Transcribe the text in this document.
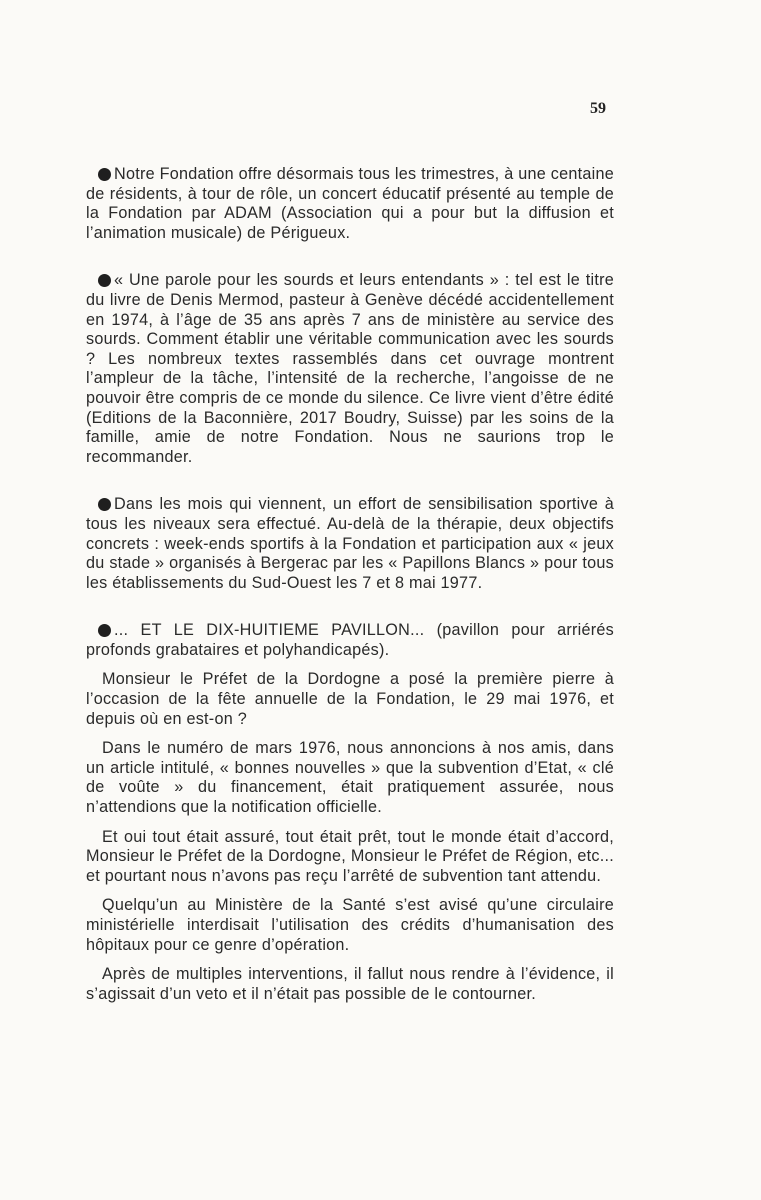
59

Notre Fondation offre désormais tous les trimestres, à une centaine de résidents, à tour de rôle, un concert éducatif présenté au temple de la Fondation par ADAM (Association qui a pour but la diffusion et l’animation musicale) de Périgueux.

« Une parole pour les sourds et leurs entendants » : tel est le titre du livre de Denis Mermod, pasteur à Genève décédé accidentellement en 1974, à l’âge de 35 ans après 7 ans de ministère au service des sourds. Comment établir une véritable communication avec les sourds ? Les nombreux textes rassemblés dans cet ouvrage montrent l’ampleur de la tâche, l’intensité de la recherche, l’angoisse de ne pouvoir être compris de ce monde du silence. Ce livre vient d’être édité (Editions de la Baconnière, 2017 Boudry, Suisse) par les soins de la famille, amie de notre Fondation. Nous ne saurions trop le recommander.

Dans les mois qui viennent, un effort de sensibilisation sportive à tous les niveaux sera effectué. Au-delà de la thérapie, deux objectifs concrets : week-ends sportifs à la Fondation et participation aux « jeux du stade » organisés à Bergerac par les « Papillons Blancs » pour tous les établissements du Sud-Ouest les 7 et 8 mai 1977.

... ET LE DIX-HUITIEME PAVILLON... (pavillon pour arriérés profonds grabataires et polyhandicapés).

Monsieur le Préfet de la Dordogne a posé la première pierre à l’occasion de la fête annuelle de la Fondation, le 29 mai 1976, et depuis où en est-on ?

Dans le numéro de mars 1976, nous annoncions à nos amis, dans un article intitulé, « bonnes nouvelles » que la subvention d’Etat, « clé de voûte » du financement, était pratiquement assurée, nous n’attendions que la notification officielle.

Et oui tout était assuré, tout était prêt, tout le monde était d’accord, Monsieur le Préfet de la Dordogne, Monsieur le Préfet de Région, etc... et pourtant nous n’avons pas reçu l’arrêté de subvention tant attendu.

Quelqu’un au Ministère de la Santé s’est avisé qu’une circulaire ministérielle interdisait l’utilisation des crédits d’humanisation des hôpitaux pour ce genre d’opération.

Après de multiples interventions, il fallut nous rendre à l’évidence, il s’agissait d’un veto et il n’était pas possible de le contourner.
